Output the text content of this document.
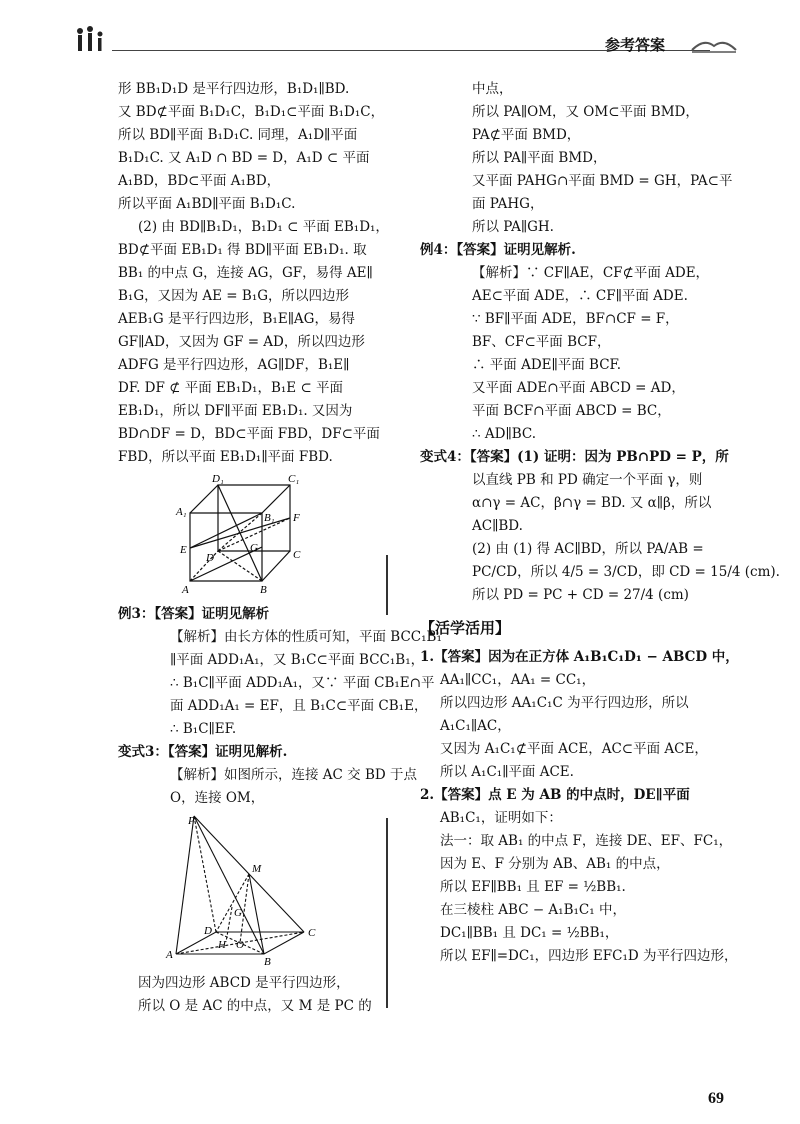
参考答案
形 BB₁D₁D 是平行四边形，B₁D₁∥BD.
又 BD⊄平面 B₁D₁C，B₁D₁⊂平面 B₁D₁C，
所以 BD∥平面 B₁D₁C. 同理，A₁D∥平面
B₁D₁C. 又 A₁D ∩ BD = D，A₁D ⊂ 平面
A₁BD，BD⊂平面 A₁BD，
所以平面 A₁BD∥平面 B₁D₁C.
(2) 由 BD∥B₁D₁，B₁D₁ ⊂ 平面 EB₁D₁，
BD⊄平面 EB₁D₁ 得 BD∥平面 EB₁D₁. 取
BB₁ 的中点 G，连接 AG，GF，易得 AE∥
B₁G，又因为 AE = B₁G，所以四边形
AEB₁G 是平行四边形，B₁E∥AG，易得
GF∥AD，又因为 GF = AD，所以四边形
ADFG 是平行四边形，AG∥DF，B₁E∥
DF. DF ⊄ 平面 EB₁D₁，B₁E ⊂ 平面
EB₁D₁，所以 DF∥平面 EB₁D₁. 又因为
BD∩DF = D，BD⊂平面 FBD，DF⊂平面
FBD，所以平面 EB₁D₁∥平面 FBD.
D₁	C₁
A₁	B₁
E	G
F
D	C
A	B
例3：【答案】证明见解析
【解析】由长方体的性质可知，平面 BCC₁B₁
∥平面 ADD₁A₁，又 B₁C⊂平面 BCC₁B₁，
∴ B₁C∥平面 ADD₁A₁，又∵ 平面 CB₁E∩平
面 ADD₁A₁ = EF，且 B₁C⊂平面 CB₁E，
∴ B₁C∥EF.
变式3：【答案】证明见解析.
【解析】如图所示，连接 AC 交 BD 于点
O，连接 OM，
P
M
G
D
H O
C
A
B
因为四边形 ABCD 是平行四边形，
所以 O 是 AC 的中点，又 M 是 PC 的
中点，
所以 PA∥OM，又 OM⊂平面 BMD，
PA⊄平面 BMD，
所以 PA∥平面 BMD，
又平面 PAHG∩平面 BMD = GH，PA⊂平
面 PAHG，
所以 PA∥GH.
例4：【答案】证明见解析.
【解析】∵ CF∥AE，CF⊄平面 ADE，
AE⊂平面 ADE，∴ CF∥平面 ADE.
∵ BF∥平面 ADE，BF∩CF = F，
BF、CF⊂平面 BCF，
∴ 平面 ADE∥平面 BCF.
又平面 ADE∩平面 ABCD = AD，
平面 BCF∩平面 ABCD = BC，
∴ AD∥BC.
变式4：【答案】(1) 证明：因为 PB∩PD = P，所
以直线 PB 和 PD 确定一个平面 γ，则
α∩γ = AC，β∩γ = BD. 又 α∥β，所以
AC∥BD.
(2) 由 (1) 得 AC∥BD，所以 PA/AB =
PC/CD，所以 4/5 = 3/CD，即 CD = 15/4 (cm).
所以 PD = PC + CD = 27/4 (cm)
【活学活用】
1.【答案】因为在正方体 A₁B₁C₁D₁ − ABCD 中，
AA₁∥CC₁，AA₁ = CC₁，
所以四边形 AA₁C₁C 为平行四边形，所以
A₁C₁∥AC，
又因为 A₁C₁⊄平面 ACE，AC⊂平面 ACE，
所以 A₁C₁∥平面 ACE.
2.【答案】点 E 为 AB 的中点时，DE∥平面
AB₁C₁，证明如下：
法一：取 AB₁ 的中点 F，连接 DE、EF、FC₁，
因为 E、F 分别为 AB、AB₁ 的中点，
所以 EF∥BB₁ 且 EF = ½BB₁.
在三棱柱 ABC − A₁B₁C₁ 中，
DC₁∥BB₁ 且 DC₁ = ½BB₁，
所以 EF∥=DC₁，四边形 EFC₁D 为平行四边形，
69
